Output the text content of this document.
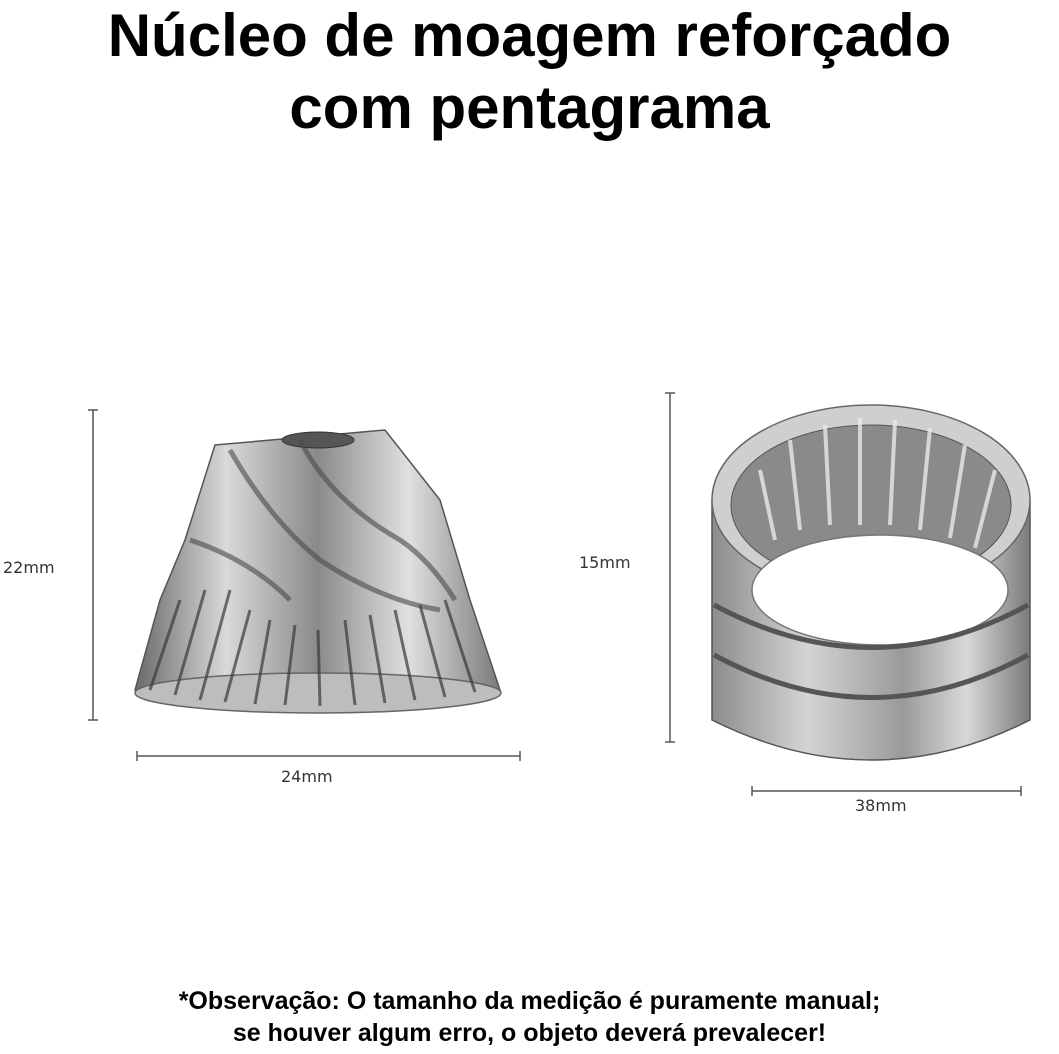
Núcleo de moagem reforçado
com pentagrama
22mm
24mm
15mm
38mm
*Observação: O tamanho da medição é puramente manual;
se houver algum erro, o objeto deverá prevalecer!
